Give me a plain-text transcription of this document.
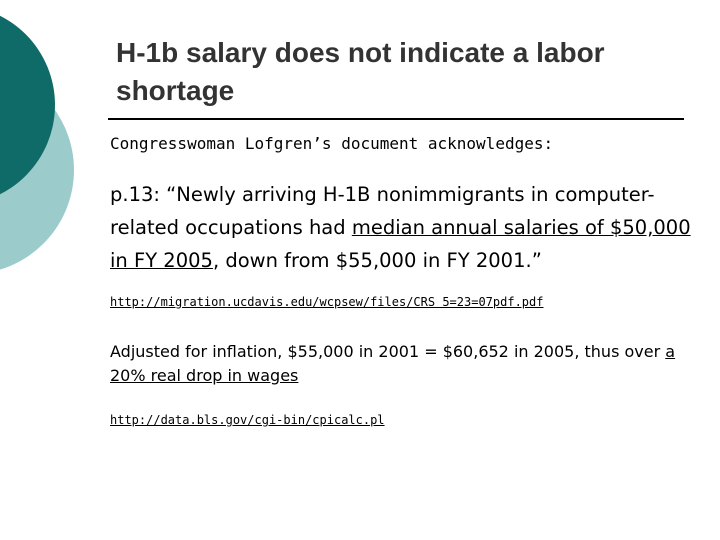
H-1b salary does not indicate a labor shortage

Congresswoman Lofgren’s document acknowledges:

p.13: “Newly arriving H-1B nonimmigrants in computer-related occupations had median annual salaries of $50,000 in FY 2005, down from $55,000 in FY 2001.”

http://migration.ucdavis.edu/wcpsew/files/CRS 5=23=07pdf.pdf

Adjusted for inflation, $55,000 in 2001 = $60,652 in 2005, thus over a 20% real drop in wages

http://data.bls.gov/cgi-bin/cpicalc.pl
